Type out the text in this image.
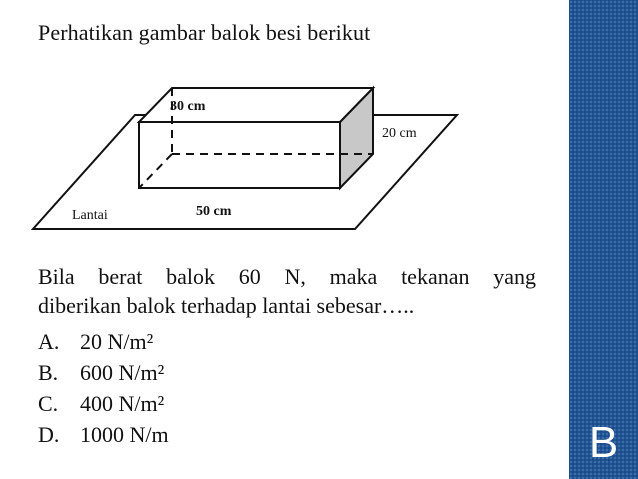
Perhatikan gambar balok besi berikut
30 cm
20 cm
50 cm
Lantai
Bila berat balok 60 N, maka tekanan yang
diberikan balok terhadap lantai sebesar…..
A. 20 N/m²
B. 600 N/m²
C. 400 N/m²
D. 1000 N/m	B
